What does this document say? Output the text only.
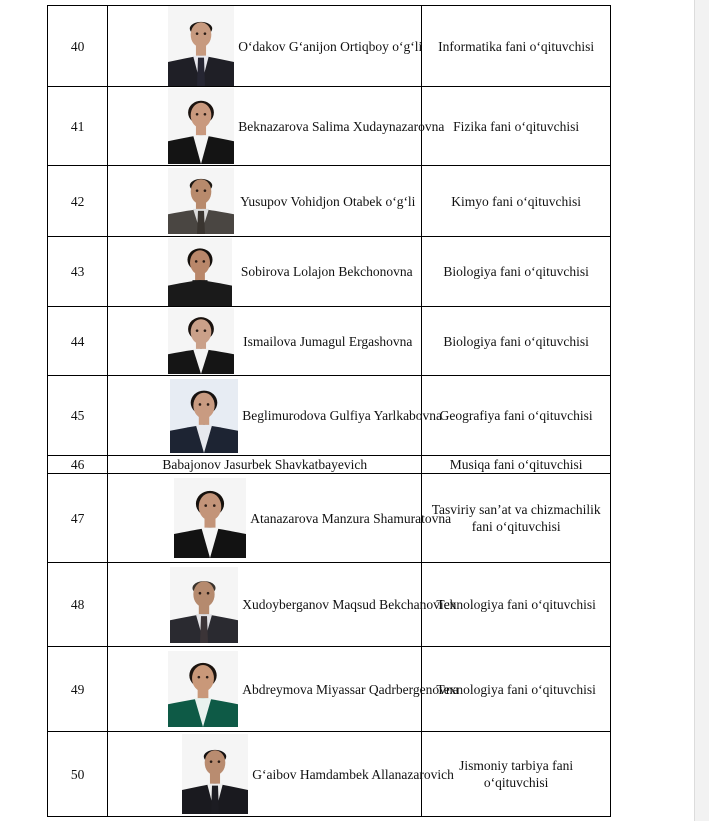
40	O‘dakov G‘anijon Ortiqboy o‘g‘li	Informatika fani o‘qituvchisi

41	Beknazarova Salima Xudaynazarovna	Fizika fani o‘qituvchisi

42	Yusupov Vohidjon Otabek o‘g‘li	Kimyo fani o‘qituvchisi

43	Sobirova Lolajon Bekchonovna	Biologiya fani o‘qituvchisi

44	Ismailova Jumagul Ergashovna	Biologiya fani o‘qituvchisi

45	Beglimurodova Gulfiya Yarlkabovna	Geografiya fani o‘qituvchisi

46	Babajonov Jasurbek Shavkatbayevich	Musiqa fani o‘qituvchisi

47	Atanazarova Manzura Shamuratovna	Tasviriy san’at va chizmachilik fani o‘qituvchisi

48	Xudoyberganov Maqsud Bekchanovich	Texnologiya fani o‘qituvchisi

49	Abdreymova Miyassar Qadrbergenovna	Texnologiya fani o‘qituvchisi

50	G‘aibov Hamdambek Allanazarovich	Jismoniy tarbiya fani o‘qituvchisi
